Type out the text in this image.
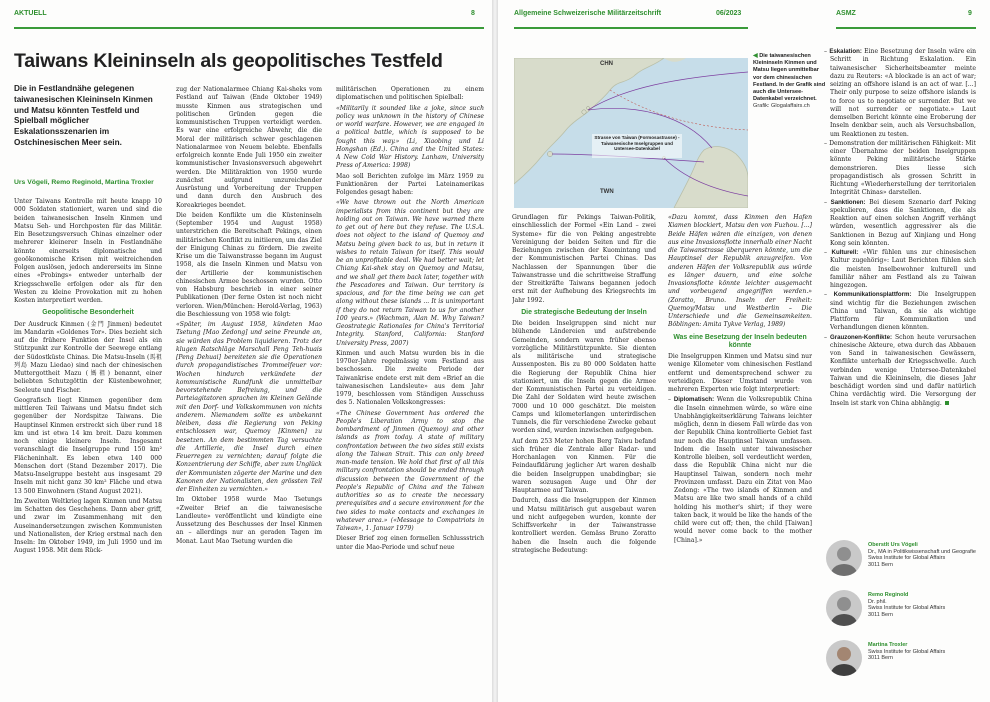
AKTUELL	8
Taiwans Kleininseln als geopolitisches Testfeld

Die in Festlandnähe gelegenen taiwanesischen Kleininseln Kinmen und Matsu könnten Testfeld und Spielball möglicher Eskalationsszenarien im Ostchinesischen Meer sein.

Urs Vögeli, Remo Reginold, Martina Troxler

Unter Taiwans Kontrolle mit heute knapp 10 000 Soldaten stationiert, waren und sind die beiden taiwanesischen Inseln Kinmen und Matsu Seh- und Horchposten für das Militär. Ein Besetzungsversuch Chinas einzelner oder mehrerer kleinerer Inseln in Festlandnähe könnte einerseits diplomatische und geoökonomische Krisen mit weitreichenden Folgen auslösen, jedoch andererseits im Sinne eines «Probings» entweder unterhalb der Kriegsschwelle erfolgen oder als für den Westen zu kleine Provokation mit zu hohen Kosten interpretiert werden.

Geopolitische Besonderheit

Der Ausdruck Kinmen (金門 Jinmen) bedeutet im Mandarin «Goldenes Tor». Dies bezieht sich auf die frühere Funktion der Insel als ein Stützpunkt zur Kontrolle der Seewege entlang der Südostküste Chinas. Die Matsu-Inseln (馬祖列島 Mazu Liedao) sind nach der chinesischen Muttergottheit Mazu (媽祖) benannt, einer beliebten Schutzgöttin der Küstenbewohner, Seeleute und Fischer.

Geografisch liegt Kinmen gegenüber dem mittleren Teil Taiwans und Matsu findet sich gegenüber der Nordspitze Taiwans. Die Hauptinsel Kinmen erstreckt sich über rund 18 km und ist etwa 14 km breit. Dazu kommen noch einige kleinere Inseln. Insgesamt veranschlagt die Inselgruppe rund 150 km² Flächeninhalt. Es leben etwa 140 000 Menschen dort (Stand Dezember 2017). Die Matsu-Inselgruppe besteht aus insgesamt 29 Inseln mit nicht ganz 30 km² Fläche und etwa 13 500 Einwohnern (Stand August 2021).

Im Zweiten Weltkrieg lagen Kinmen und Matsu im Schatten des Geschehens. Dann aber griff, und zwar im Zusammenhang mit den Auseinandersetzungen zwischen Kommunisten und Nationalisten, der Krieg erstmal nach den Inseln: Im Oktober 1949, im Juli 1950 und im August 1958. Mit dem Rück-

zug der Nationalarmee Chiang Kai-sheks vom Festland auf Taiwan (Ende Oktober 1949) musste Kinmen aus strategischen und politischen Gründen gegen die kommunistischen Truppen verteidigt werden. Es war eine erfolgreiche Abwehr, die die Moral der militärisch schwer geschlagenen Nationalarmee von Neuem belebte. Ebenfalls erfolgreich konnte Ende Juli 1950 ein zweiter kommunistischer Invasionsversuch abgewehrt werden. Die Militäraktion von 1950 wurde zunächst aufgrund unzureichender Ausrüstung und Vorbereitung der Truppen und dann durch den Ausbruch des Koreakrieges beendet.

Die beiden Konflikte um die Küsteninseln (September 1954 und August 1958) unterstrichen die Bereitschaft Pekings, einen militärischen Konflikt zu initiieren, um das Ziel der Einigung Chinas zu fördern. Die zweite Krise um die Taiwanstrasse begann im August 1958, als die Inseln Kinmen und Matsu von der Artillerie der kommunistischen chinesischen Armee beschossen wurden. Otto von Habsburg beschrieb in einer seiner Publikationen (Der ferne Osten ist noch nicht verloren. Wien/München: Herold-Verlag, 1963) die Beschiessung von 1958 wie folgt:

«Später, im August 1958, kündeten Mao Tsetung [Mao Zedong] und seine Freunde an, sie würden das Problem liquidieren. Trotz der klugen Ratschläge Marschall Peng Teh-huais [Peng Dehuai] bereiteten sie die Operationen durch propagandistisches Trommelfeuer vor: Wochen hindurch verkündete der kommunistische Rundfunk die unmittelbar bevorstehende Befreiung, und die Parteiagitatoren sprachen im Kleinen Gelände mit den Dorf- und Volkskommunen von nichts anderem. Niemandem sollte es unbekannt bleiben, dass die Regierung von Peking entschlossen war, Quemoy [Kinmen] zu besetzen. An dem bestimmten Tag versuchte die Artillerie, die Insel durch einen Feuerregen zu vernichten; darauf folgte die Konzentrierung der Schiffe, aber zum Unglück der Kommunisten zögerte der Marine und den Kanonen der Nationalisten, den grössten Teil der Einheiten zu vernichten.»

Im Oktober 1958 wurde Mao Tsetungs «Zweiter Brief an die taiwanesische Landleute» veröffentlicht und kündigte eine Aussetzung des Beschusses der Insel Kinmen an – allerdings nur an geraden Tagen im Monat. Laut Mao Tsetung wurden die

militärischen Operationen zu einem diplomatischen und politischen Spielball:

«Militarily it sounded like a joke, since such policy was unknown in the history of Chinese or world warfare. However, we are engaged in a political battle, which is supposed to be fought this way.» (Li, Xiaobing und Li Hongshan (Ed.). China and the United States: A New Cold War History. Lanham, University Press of America: 1998)

Mao soll Berichten zufolge im März 1959 zu Funktionären der Partei Lateinamerikas Folgendes gesagt haben:

«We have thrown out the North American imperialists from this continent but they are holding out on Taiwan. We have warned them to get out of here but they refuse. The U.S.A. does not object to the island of Quemoy and Matsu being given back to us, but in return it wishes to retain Taiwan for itself. This would be an unprofitable deal. We had better wait; let Chiang Kai-shek stay on Quemoy and Matsu, and we shall get them back later, together with the Pescadores and Taiwan. Our territory is spacious, and for the time being we can get along without these islands ... It is unimportant if they do not return Taiwan to us for another 100 years.» (Wachman, Alan M. Why Taiwan? Geostrategic Rationales for China's Territorial Integrity. Stanford, California: Stanford University Press, 2007)

Kinmen und auch Matsu wurden bis in die 1970er-Jahre regelmässig vom Festland aus beschossen. Die zweite Periode der Taiwankrise endete erst mit dem «Brief an die taiwanesischen Landsleute» aus dem Jahr 1979, beschlossen vom Ständigen Ausschuss des 5. Nationalen Volkskongresses:

«The Chinese Government has ordered the People's Liberation Army to stop the bombardment of Jinmen (Quemoy) and other islands as from today. A state of military confrontation between the two sides still exists along the Taiwan Strait. This can only breed man-made tension. We hold that first of all this military confrontation should be ended through discussion between the Government of the People's Republic of China and the Taiwan authorities so as to create the necessary prerequisites and a secure environment for the two sides to make contacts and exchanges in whatever area.» («Message to Compatriots in Taiwan», 1. Januar 1979)

Dieser Brief zog einen formellen Schlussstrich unter die Mao-Periode und schuf neue

Allgemeine Schweizerische Militärzeitschrift	06/2023	ASMZ	9
CHN
TWN
Strasse von Taiwan (Formosastrasse) - Taiwanesische Inselgruppen und Unterseе-Datenkabel
◀ Die taiwanesischen Kleininseln Kinmen und Matsu liegen unmittelbar vor dem chinesischen Festland. In der Grafik sind auch die Unterseе-Datenkabel verzeichnet.
Grafik: Glogalaffairs.ch

Grundlagen für Pekings Taiwan-Politik, einschliesslich der Formel «Ein Land – zwei Systeme» für die von Peking angestrebte Vereinigung der beiden Seiten und für die Beziehungen zwischen der Kuomintang und der Kommunistischen Partei Chinas. Das Nachlassen der Spannungen über die Taiwanstrasse und die schrittweise Straffung der Streitkräfte Taiwans begannen jedoch erst mit der Aufhebung des Kriegsrechts im Jahr 1992.

Die strategische Bedeutung der Inseln

Die beiden Inselgruppen sind nicht nur blühende Ländereien und aufstrebende Gemeinden, sondern waren früher ebenso vorzügliche Militärstützpunkte. Sie dienten als militärische und strategische Aussenposten. Bis zu 80 000 Soldaten hatte die Regierung der Republik China hier stationiert, um die Inseln gegen die Armee der Kommunistischen Partei zu verteidigen. Die Zahl der Soldaten wird heute zwischen 7000 und 10 000 geschätzt. Die meisten Camps und kilometerlangen unterirdischen Tunnels, die für verschiedene Zwecke gebaut worden sind, wurden inzwischen aufgegeben.

Auf dem 253 Meter hohen Berg Taiwu befand sich früher die Zentrale aller Radar- und Horchanlagen von Kinmen. Für die Feindaufklärung jeglicher Art waren deshalb die beiden Inselgruppen unabdingbar; sie waren sozusagen Auge und Ohr der Hauptarmee auf Taiwan.

Dadurch, dass die Inselgruppen der Kinmen und Matsu militärisch gut ausgebaut waren und nicht aufgegeben wurden, konnte der Schiffsverkehr in der Taiwanstrasse kontrolliert werden. Gemäss Bruno Zoratto haben die Inseln auch die folgende strategische Bedeutung:

«Dazu kommt, dass Kinmen den Hafen Xiamen blockiert, Matsu den von Fuzhou. [...] Beide Häfen wären die einzigen, von denen aus eine Invasionsflotte innerhalb einer Nacht die Taiwanstrasse überqueren könnte, um die Hauptinsel der Republik anzugreifen. Von anderen Häfen der Volksrepublik aus würde es länger dauern, und eine solche Invasionsflotte könnte leichter ausgemacht und vorbeugend angegriffen werden.» (Zoratto, Bruno. Inseln der Freiheit: Quemoy/Matsu und Westberlin – Die Unterschiede und die Gemeinsamkeiten. Böblingen: Amita Tykve Verlag, 1989)

Was eine Besetzung der Inseln bedeuten könnte

Die Inselgruppen Kinmen und Matsu sind nur wenige Kilometer vom chinesischen Festland entfernt und dementsprechend schwer zu verteidigen. Dieser Umstand wurde von mehreren Experten wie folgt interpretiert:

– Diplomatisch: Wenn die Volksrepublik China die Inseln einnehmen würde, so wäre eine Unabhängigkeitserklärung Taiwans leichter möglich, denn in diesem Fall würde das von der Republik China kontrollierte Gebiet fast nur noch die Hauptinsel Taiwan umfassen. Indem die Inseln unter taiwanesischer Kontrolle bleiben, soll verdeutlicht werden, dass die Republik China nicht nur die Hauptinsel Taiwan, sondern noch mehr Provinzen umfasst. Dazu ein Zitat von Mao Zedong: «The two islands of Kinmen and Matsu are like two small hands of a child holding his mother's shirt; if they were taken back, it would be like the hands of the child were cut off; then, the child [Taiwan] would never come back to the mother [China].»
– Eskalation: Eine Besetzung der Inseln wäre ein Schritt in Richtung Eskalation. Ein taiwanesischer Sicherheitsbeamter meinte dazu zu Reuters: «A blockade is an act of war; seizing an offshore island is an act of war. [...] Their only purpose to seize offshore islands is to force us to negotiate or surrender. But we will not surrender or negotiate.» Laut demselben Bericht könnte eine Eroberung der Inseln denkbar sein, auch als Versuchsballon, um Reaktionen zu testen.
– Demonstration der militärischen Fähigkeit: Mit einer Übernahme der beiden Inselgruppen könnte Peking militärische Stärke demonstrieren. Dies liesse sich propagandistisch als grossen Schritt in Richtung «Wiederherstellung der territorialen Integrität Chinas» darstellen.
– Sanktionen: Bei diesem Szenario darf Peking spekulieren, dass die Sanktionen, die als Reaktion auf einen solchen Angriff verhängt würden, wesentlich aggressiver als die Sanktionen in Bezug auf Xinjiang und Hong Kong sein könnten.
– Kulturell: «Wir fühlen uns zur chinesischen Kultur zugehörig»: Laut Berichten fühlen sich die meisten Inselbewohner kulturell und familiär näher am Festland als zu Taiwan hingezogen.
– Kommunikationsplattform: Die Inselgruppen sind wichtig für die Beziehungen zwischen China und Taiwan, da sie als wichtige Plattform für Kommunikation und Verhandlungen dienen könnten.
– Grauzonen-Konflikte: Schon heute verursachen chinesische Akteure, etwa durch das Abbauen von Sand in taiwanesischen Gewässern, Konflikte unterhalb der Kriegsschwelle. Auch verbinden wenige Unterseе-Datenkabel Taiwan und die Kleininseln, die dieses Jahr beschädigt worden sind und dafür natürlich China verdächtig wird. Die Versorgung der Inseln ist stark von China abhängig.
Oberstlt Urs Vögeli
Dr., MA in Politikwissenschaft und Geografie
Swiss Institute for Global Affairs
3011 Bern
Remo Reginold
Dr. phil.
Swiss Institute for Global Affairs
3011 Bern
Martina Troxler
Swiss Institute for Global Affairs
3011 Bern
